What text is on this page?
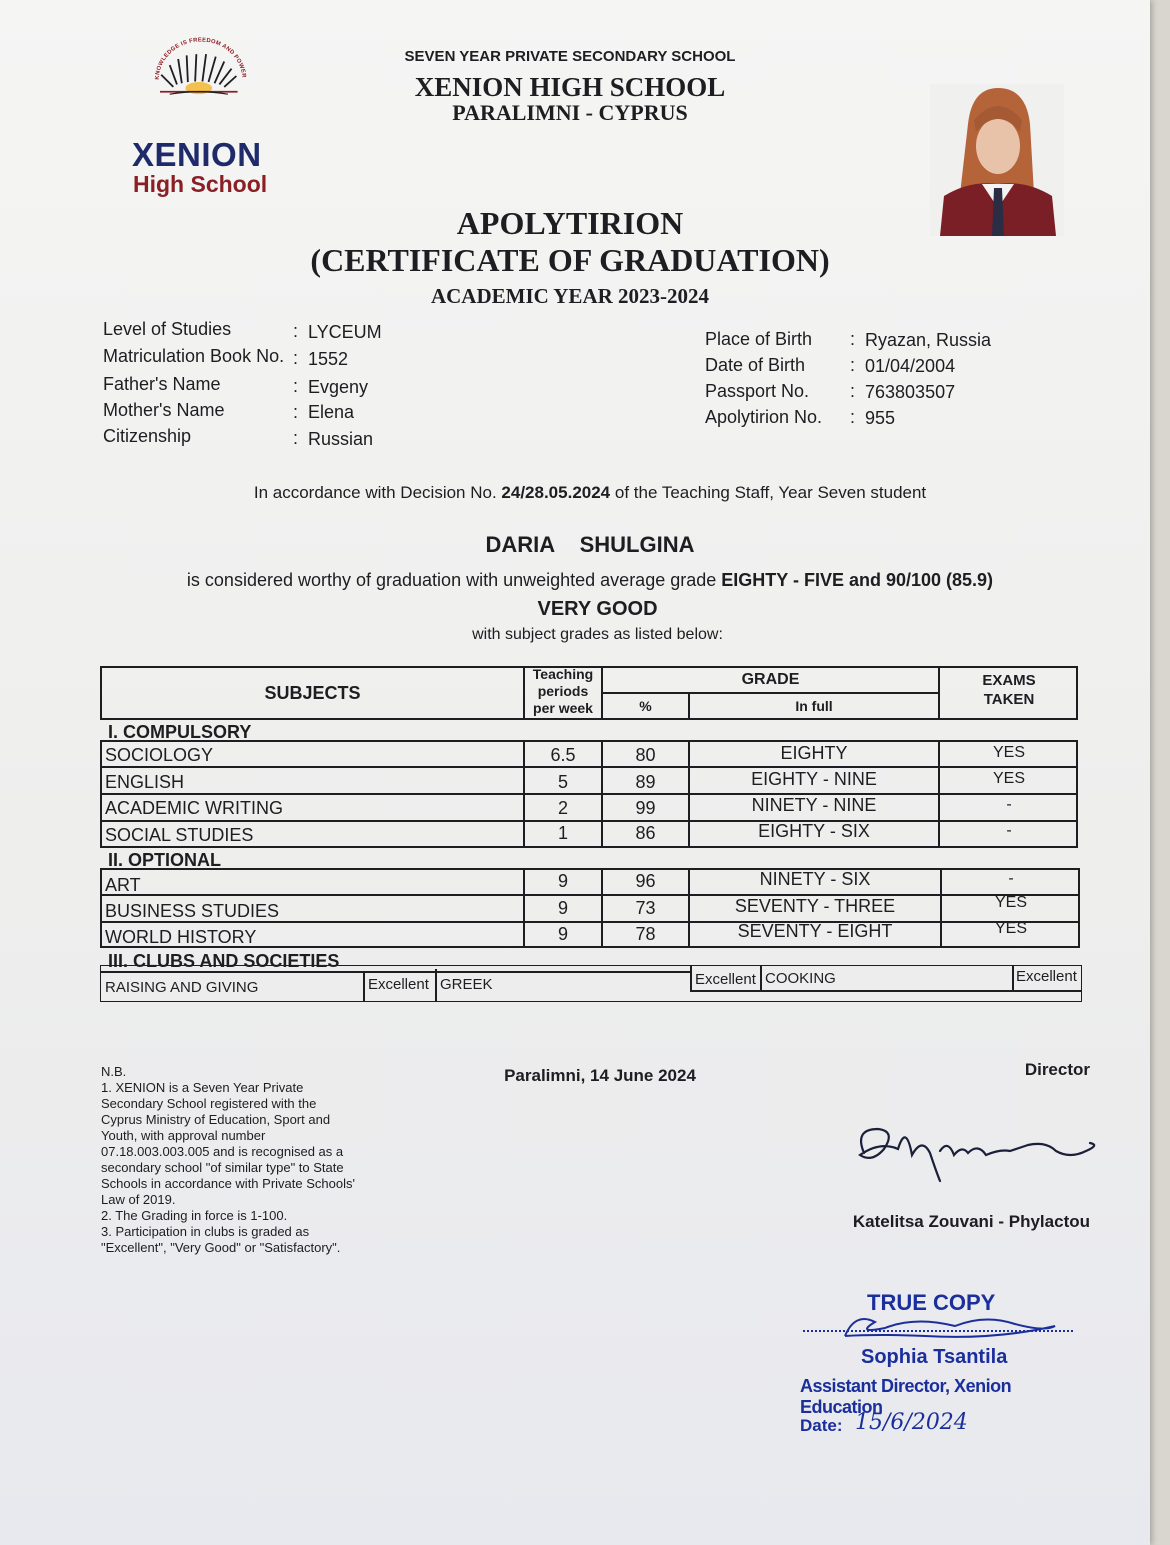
KNOWLEDGE IS FREEDOM AND POWER
XENION
High School
SEVEN YEAR PRIVATE SECONDARY SCHOOL
XENION HIGH SCHOOL
PARALIMNI - CYPRUS
APOLYTIRION
(CERTIFICATE OF GRADUATION)
ACADEMIC YEAR 2023-2024
Level of Studies	: LYCEUM
Matriculation Book No. : 1552
Father's Name	: Evgeny
Mother's Name	: Elena
Citizenship	: Russian
Place of Birth : Ryazan, Russia
Date of Birth : 01/04/2004
Passport No. : 763803507
Apolytirion No. : 955
In accordance with Decision No. 24/28.05.2024 of the Teaching Staff, Year Seven student
DARIA SHULGINA
is considered worthy of graduation with unweighted average grade EIGHTY - FIVE and 90/100 (85.9)
VERY GOOD
with subject grades as listed below:
SUBJECTS
Teaching
periods
per week
GRADE
%	In full
EXAMS
TAKEN
I. COMPULSORY
SOCIOLOGY	6.5	80	EIGHTY	YES
ENGLISH	5	89	EIGHTY - NINE	YES
ACADEMIC WRITING	2	99	NINETY - NINE	-
SOCIAL STUDIES	1	86	EIGHTY - SIX	-
II. OPTIONAL
ART	9	96	NINETY - SIX	-
BUSINESS STUDIES	9	73	SEVENTY - THREE	YES
WORLD HISTORY	9	78	SEVENTY - EIGHT	YES
III. CLUBS AND SOCIETIES
RAISING AND GIVING	Excellent GREEK	Excellent COOKING	Excellent
N.B.
1. XENION is a Seven Year Private
Secondary School registered with the
Cyprus Ministry of Education, Sport and
Youth, with approval number
07.18.003.003.005 and is recognised as a
secondary school "of similar type" to State
Schools in accordance with Private Schools'
Law of 2019.
2. The Grading in force is 1-100.
3. Participation in clubs is graded as
"Excellent", "Very Good" or "Satisfactory".
Paralimni, 14 June 2024	Director
Katelitsa Zouvani - Phylactou
TRUE COPY
Sophia Tsantila
Assistant Director, Xenion Education
Date: 15/6/2024
